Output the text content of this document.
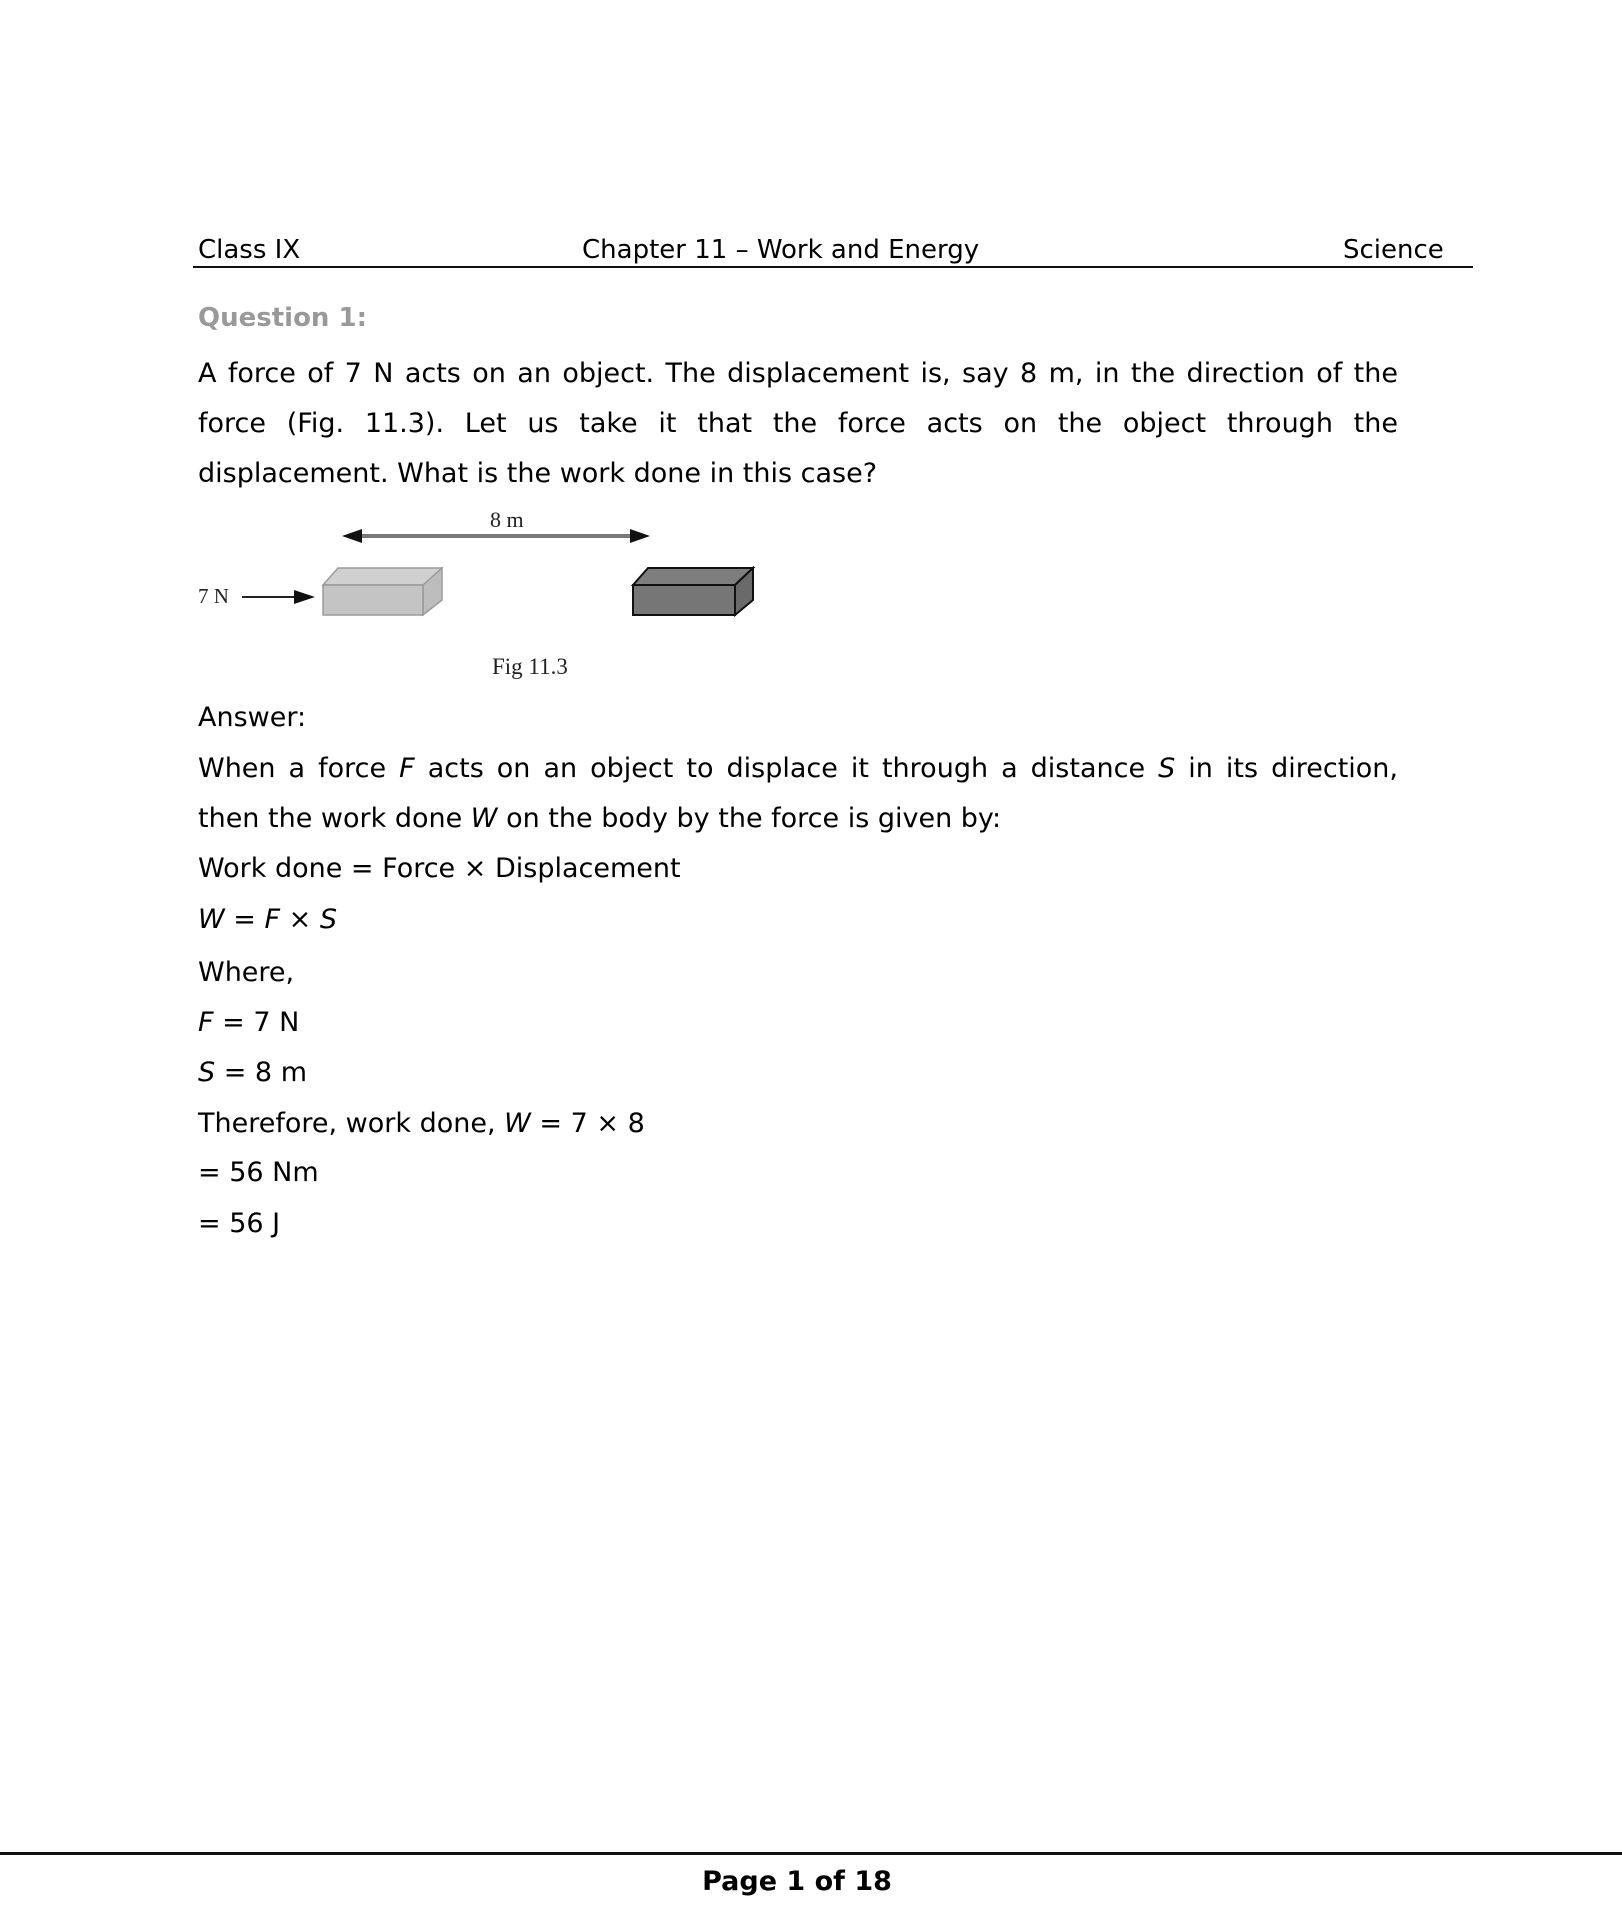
Class IX	Chapter 11 – Work and Energy	Science
Question 1:
A force of 7 N acts on an object. The displacement is, say 8 m, in the direction of the
force (Fig. 11.3). Let us take it that the force acts on the object through the
displacement. What is the work done in this case?
7 N
8 m
Fig 11.3
Answer:
When a force F acts on an object to displace it through a distance S in its direction,
then the work done W on the body by the force is given by:
Work done = Force × Displacement
W = F × S
Where,
F = 7 N
S = 8 m
Therefore, work done, W = 7 × 8
= 56 Nm
= 56 J
Page 1 of 18
